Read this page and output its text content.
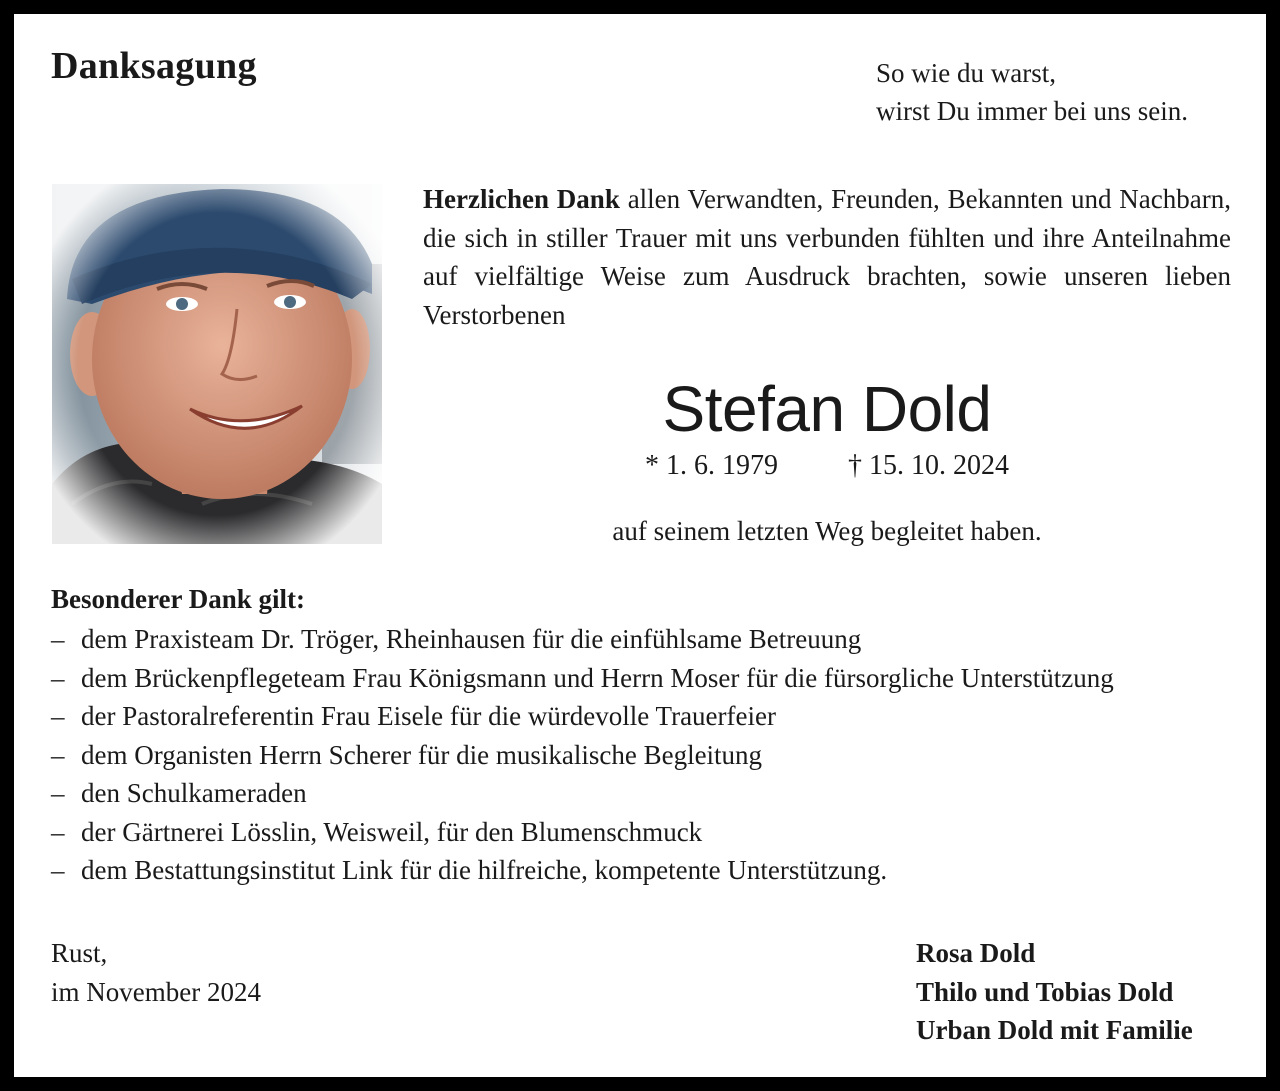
Danksagung	So wie du warst,
wirst Du immer bei uns sein.
Herzlichen Dank allen Verwandten, Freunden, Bekannten und Nachbarn, die sich in stiller Trauer mit uns verbunden fühlten und ihre Anteilnahme auf vielfältige Weise zum Ausdruck brachten, sowie unseren lieben Verstorbenen
Stefan Dold
* 1. 6. 1979	† 15. 10. 2024
auf seinem letzten Weg begleitet haben.
Besonderer Dank gilt:
– dem Praxisteam Dr. Tröger, Rheinhausen für die einfühlsame Betreuung
– dem Brückenpflegeteam Frau Königsmann und Herrn Moser für die fürsorgliche Unterstützung
– der Pastoralreferentin Frau Eisele für die würdevolle Trauerfeier
– dem Organisten Herrn Scherer für die musikalische Begleitung
– den Schulkameraden
– der Gärtnerei Lösslin, Weisweil, für den Blumenschmuck
– dem Bestattungsinstitut Link für die hilfreiche, kompetente Unterstützung.
Rust,
im November 2024
Rosa Dold
Thilo und Tobias Dold
Urban Dold mit Familie
